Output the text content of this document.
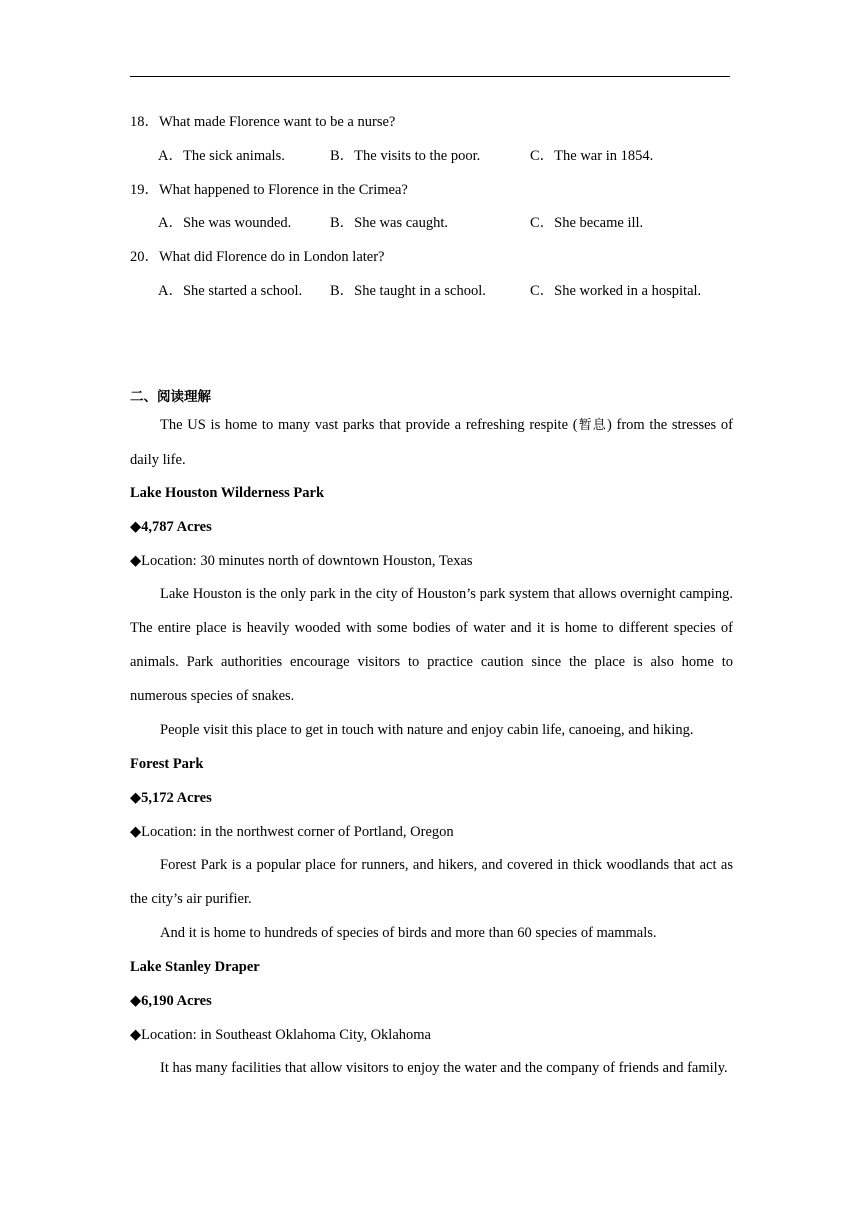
18．What made Florence want to be a nurse?
A．The sick animals.	B．The visits to the poor.	C．The war in 1854.
19．What happened to Florence in the Crimea?
A．She was wounded.	B．She was caught.	C．She became ill.
20．What did Florence do in London later?
A．She started a school. B．She taught in a school.	C．She worked in a hospital.
二、阅读理解
The US is home to many vast parks that provide a refreshing respite (暂息) from the stresses of daily life.
Lake Houston Wilderness Park
◆4,787 Acres
◆Location: 30 minutes north of downtown Houston, Texas
Lake Houston is the only park in the city of Houston’s park system that allows overnight camping. The entire place is heavily wooded with some bodies of water and it is home to different species of animals. Park authorities encourage visitors to practice caution since the place is also home to numerous species of snakes.
People visit this place to get in touch with nature and enjoy cabin life, canoeing, and hiking.
Forest Park
◆5,172 Acres
◆Location: in the northwest corner of Portland, Oregon
Forest Park is a popular place for runners, and hikers, and covered in thick woodlands that act as the city’s air purifier.
And it is home to hundreds of species of birds and more than 60 species of mammals.
Lake Stanley Draper
◆6,190 Acres
◆Location: in Southeast Oklahoma City, Oklahoma
It has many facilities that allow visitors to enjoy the water and the company of friends and family.
